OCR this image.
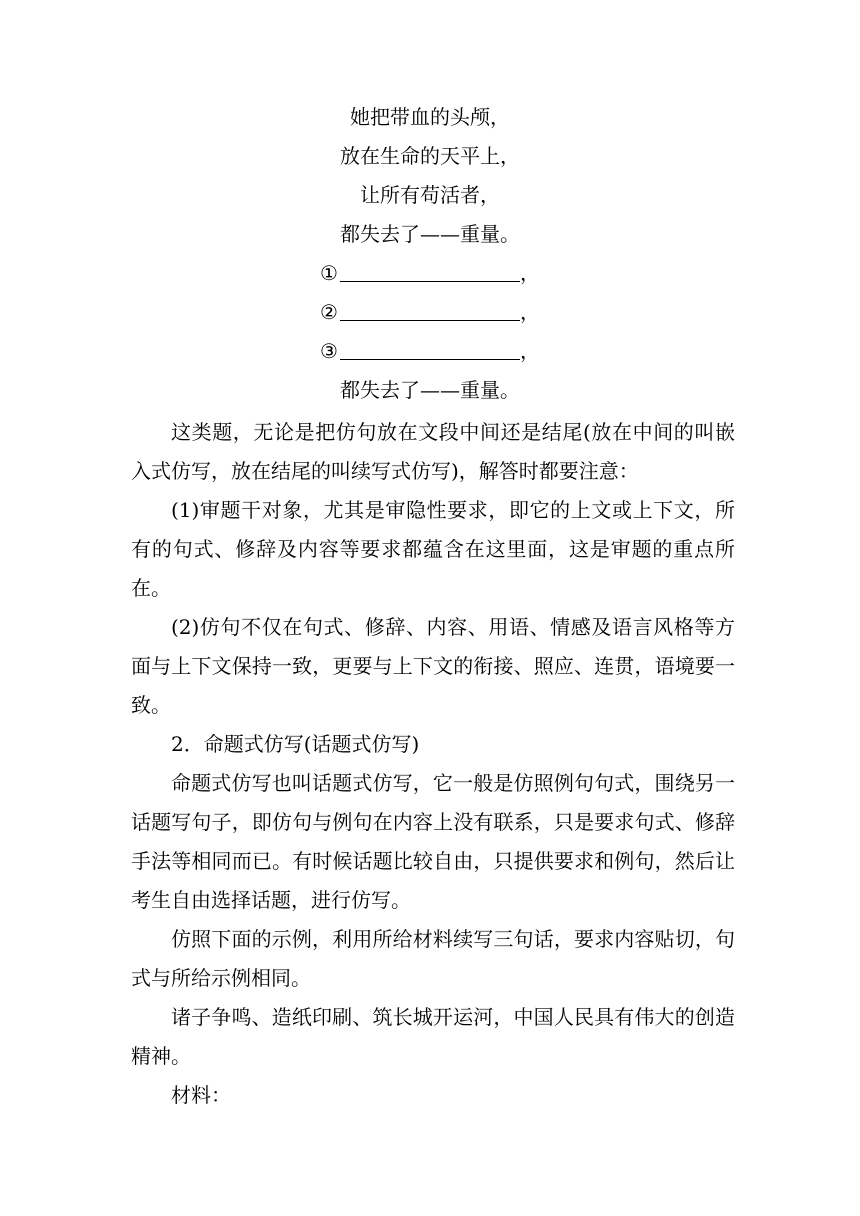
她把带血的头颅，
放在生命的天平上，
让所有苟活者，
都失去了——重量。
①	，
②	，
③	，
都失去了——重量。

这类题，无论是把仿句放在文段中间还是结尾(放在中间的叫嵌入式仿写，放在结尾的叫续写式仿写)，解答时都要注意：

(1)审题干对象，尤其是审隐性要求，即它的上文或上下文，所有的句式、修辞及内容等要求都蕴含在这里面，这是审题的重点所在。

(2)仿句不仅在句式、修辞、内容、用语、情感及语言风格等方面与上下文保持一致，更要与上下文的衔接、照应、连贯，语境要一致。

2．命题式仿写(话题式仿写)

命题式仿写也叫话题式仿写，它一般是仿照例句句式，围绕另一话题写句子，即仿句与例句在内容上没有联系，只是要求句式、修辞手法等相同而已。有时候话题比较自由，只提供要求和例句，然后让考生自由选择话题，进行仿写。

仿照下面的示例，利用所给材料续写三句话，要求内容贴切，句式与所给示例相同。

诸子争鸣、造纸印刷、筑长城开运河，中国人民具有伟大的创造精神。

材料：
